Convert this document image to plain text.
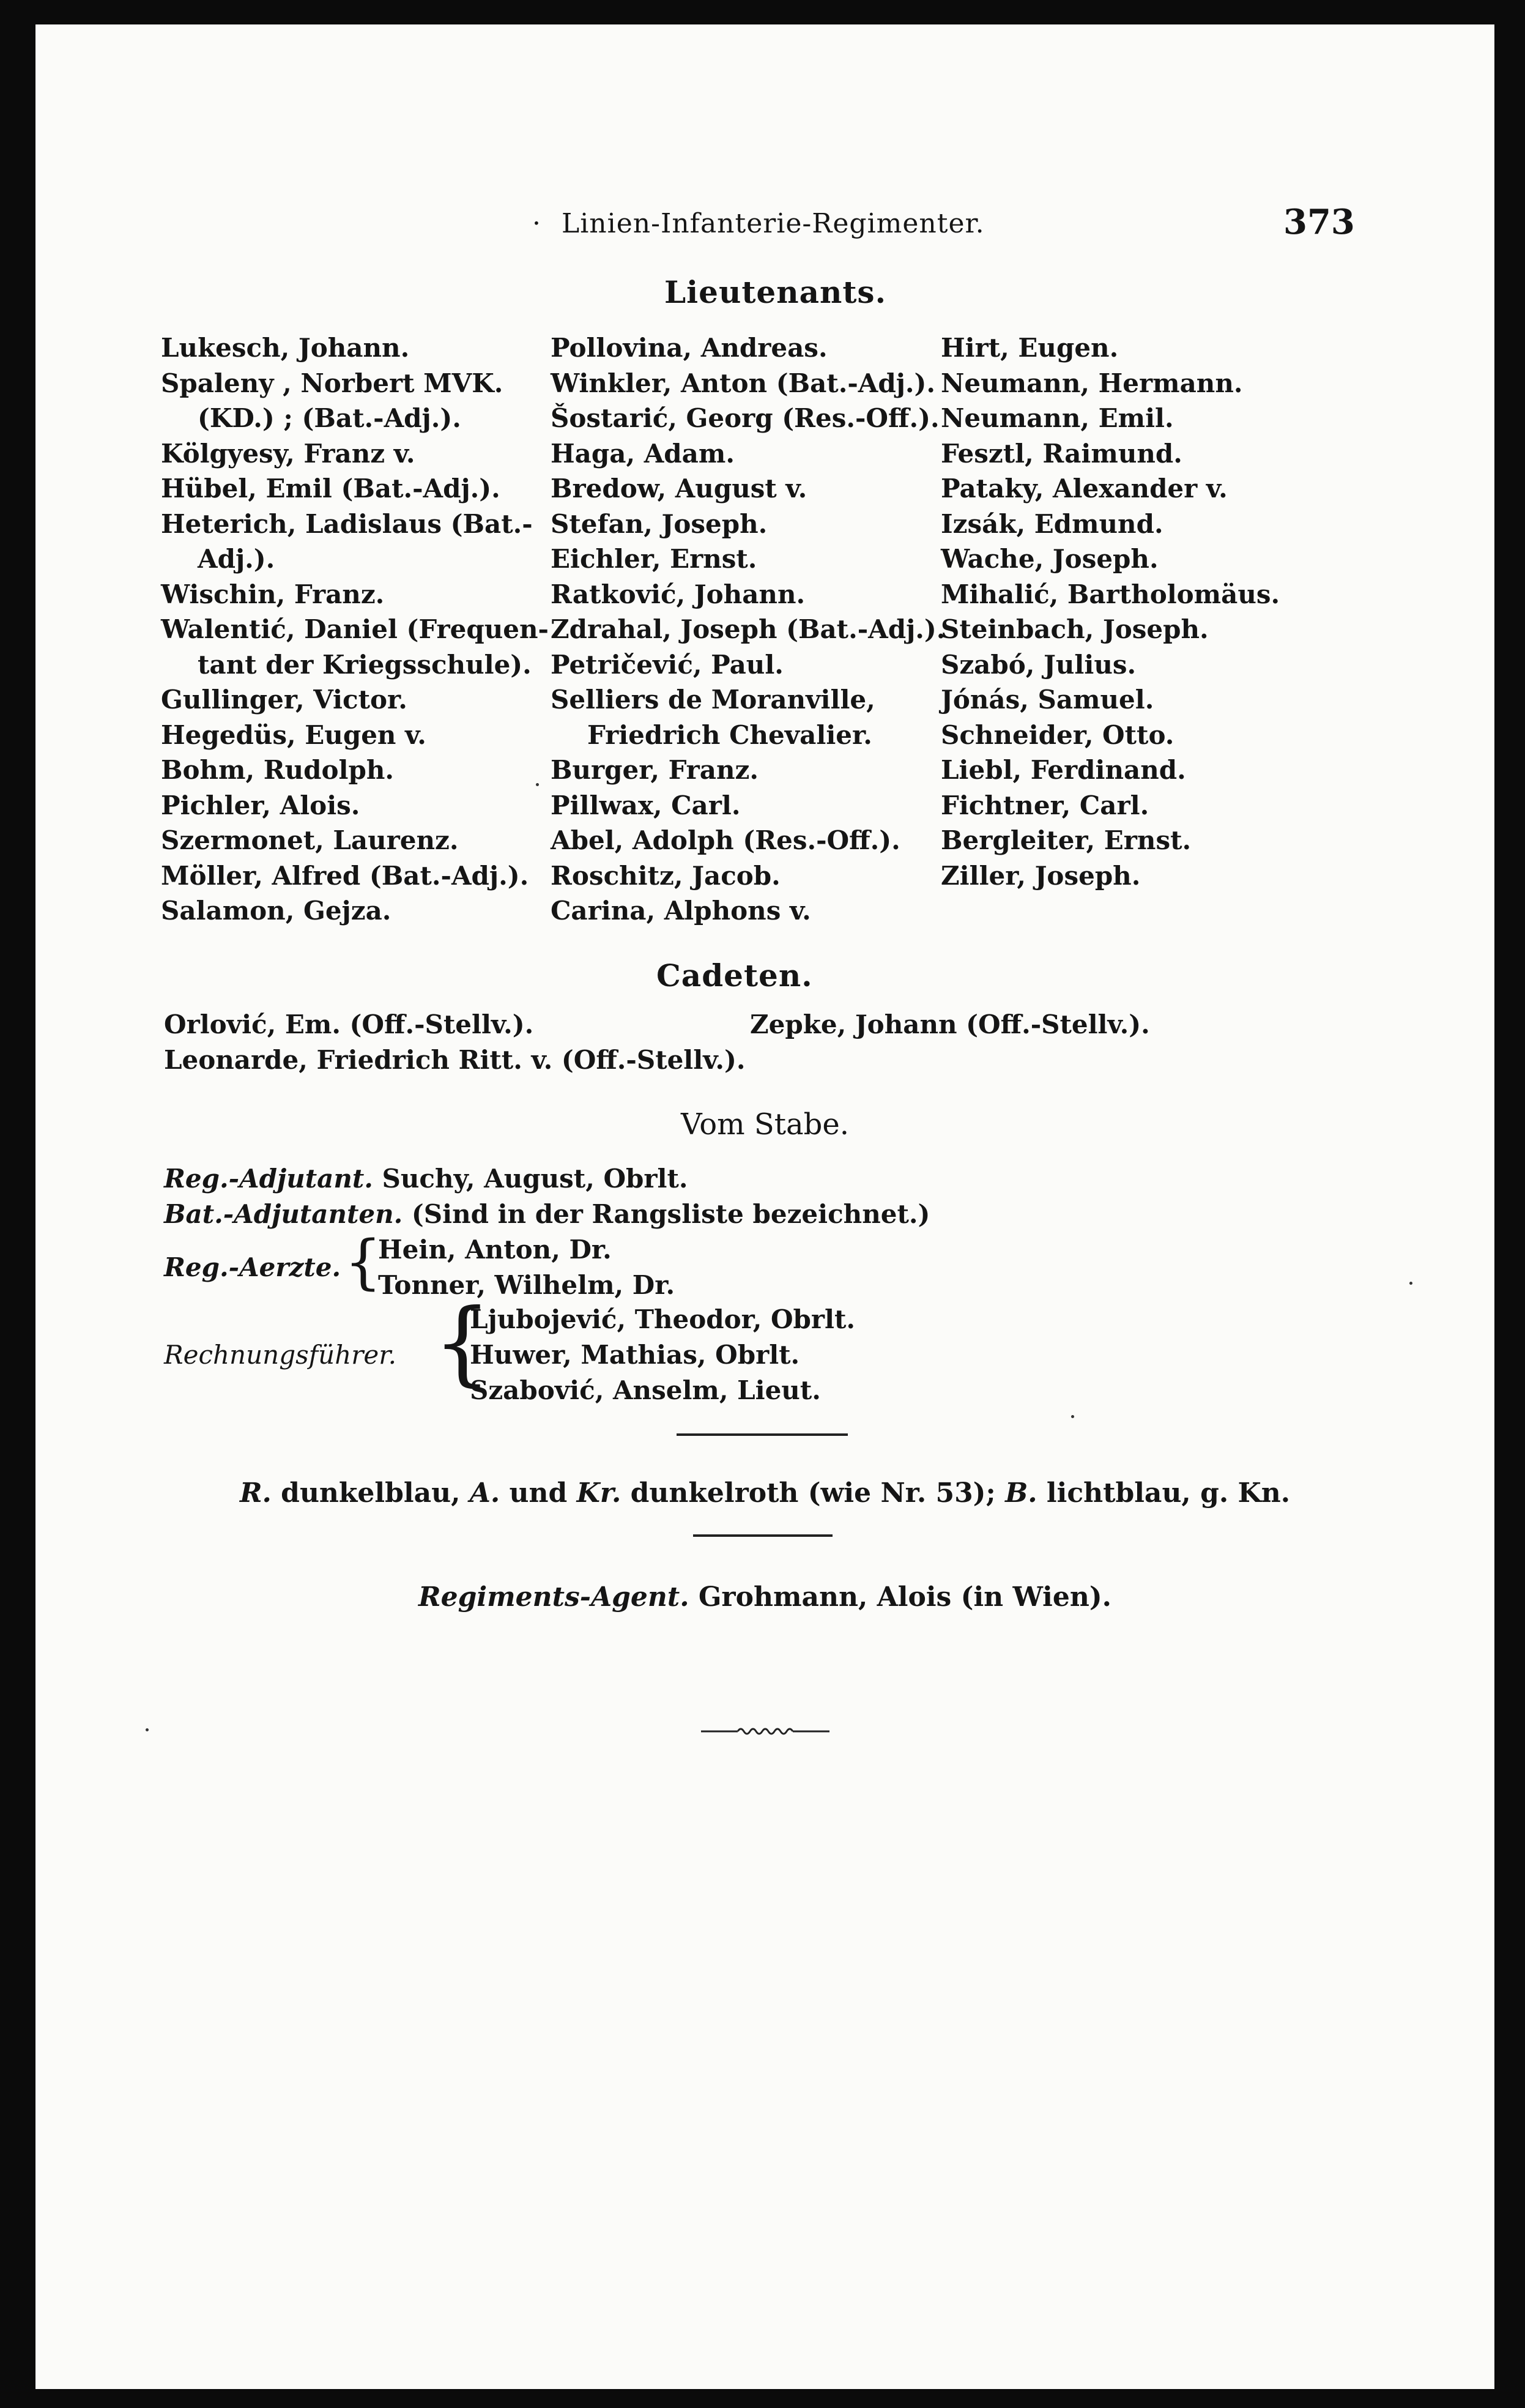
· Linien-Infanterie-Regimenter.	373
Lieutenants.
Lukesch, Johann.
Spaleny , Norbert MVK.
(KD.) ; (Bat.-Adj.).
Kölgyesy, Franz v.
Hübel, Emil (Bat.-Adj.).
Heterich, Ladislaus (Bat.-
Adj.).
Wischin, Franz.
Walentić, Daniel (Frequen-
tant der Kriegsschule).
Gullinger, Victor.
Hegedüs, Eugen v.
Bohm, Rudolph.
Pichler, Alois.
Szermonet, Laurenz.
Möller, Alfred (Bat.-Adj.).
Salamon, Gejza.
Pollovina, Andreas.
Winkler, Anton (Bat.-Adj.).
Šostarić, Georg (Res.-Off.).
Haga, Adam.
Bredow, August v.
Stefan, Joseph.
Eichler, Ernst.
Ratković, Johann.
Zdrahal, Joseph (Bat.-Adj.).
Petričević, Paul.
Selliers de Moranville,
Friedrich Chevalier.
Burger, Franz.
Pillwax, Carl.
Abel, Adolph (Res.-Off.).
Roschitz, Jacob.
Carina, Alphons v.
Hirt, Eugen.
Neumann, Hermann.
Neumann, Emil.
Fesztl, Raimund.
Pataky, Alexander v.
Izsák, Edmund.
Wache, Joseph.
Mihalić, Bartholomäus.
Steinbach, Joseph.
Szabó, Julius.
Jónás, Samuel.
Schneider, Otto.
Liebl, Ferdinand.
Fichtner, Carl.
Bergleiter, Ernst.
Ziller, Joseph.
Cadeten.
Orlović, Em. (Off.-Stellv.).	Zepke, Johann (Off.-Stellv.).
Leonarde, Friedrich Ritt. v. (Off.-Stellv.).
Vom Stabe.
Reg.-Adjutant. Suchy, August, Obrlt.
Bat.-Adjutanten. (Sind in der Rangsliste bezeichnet.)
Reg.-Aerzte. {
Hein, Anton, Dr.
Tonner, Wilhelm, Dr.
Rechnungsführer. {
Ljubojević, Theodor, Obrlt.
Huwer, Mathias, Obrlt.
Szabović, Anselm, Lieut.
R. dunkelblau, A. und Kr. dunkelroth (wie Nr. 53); B. lichtblau, g. Kn.
Regiments-Agent. Grohmann, Alois (in Wien).
